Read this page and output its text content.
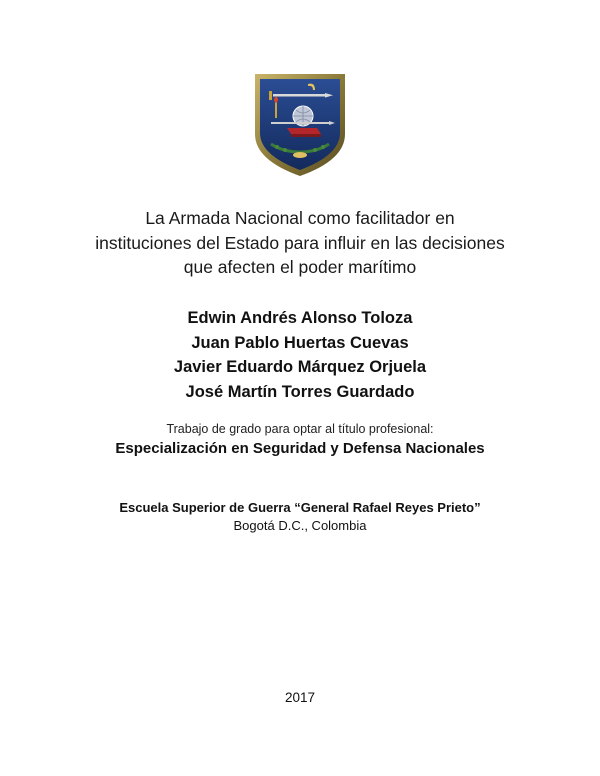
La Armada Nacional como facilitador en
instituciones del Estado para influir en las decisiones
que afecten el poder marítimo
Edwin Andrés Alonso Toloza
Juan Pablo Huertas Cuevas
Javier Eduardo Márquez Orjuela
José Martín Torres Guardado
Trabajo de grado para optar al título profesional:
Especialización en Seguridad y Defensa Nacionales
Escuela Superior de Guerra “General Rafael Reyes Prieto”
Bogotá D.C., Colombia
2017
